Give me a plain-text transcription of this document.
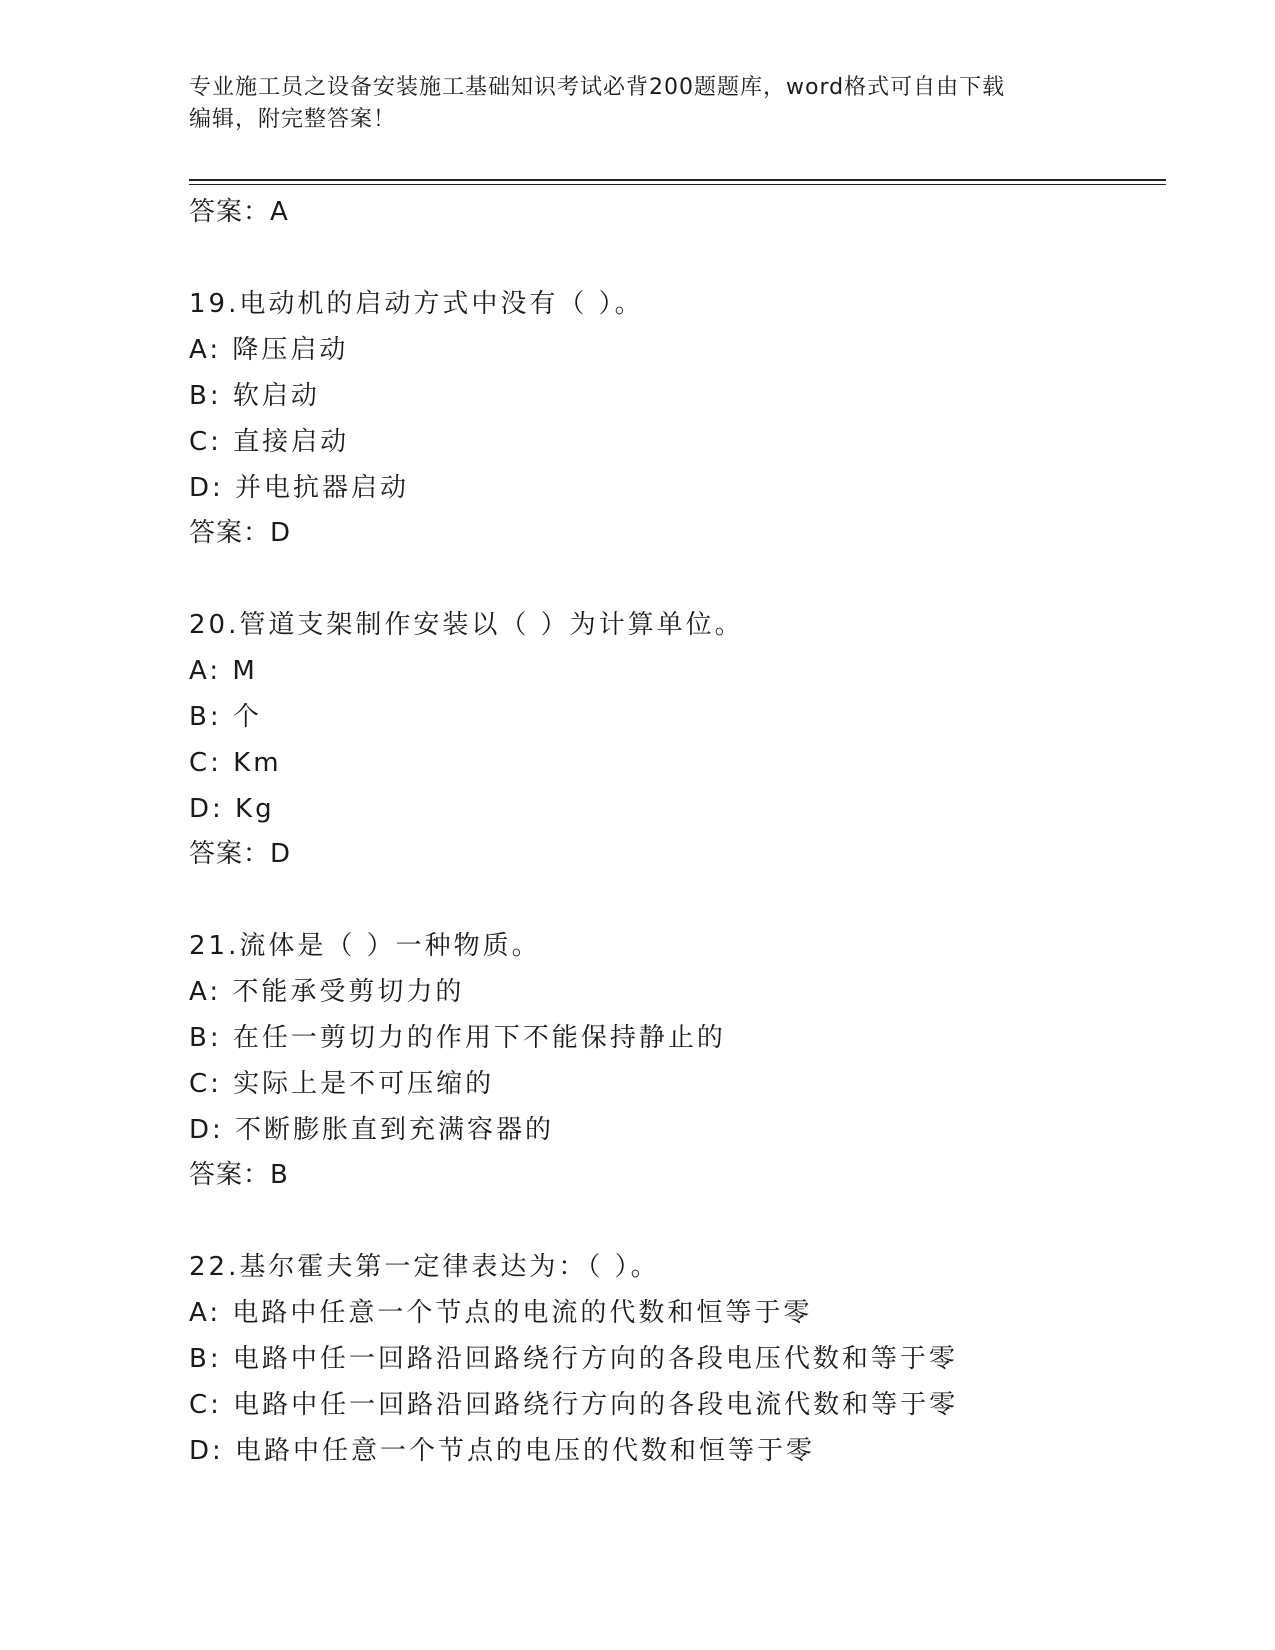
专业施工员之设备安装施工基础知识考试必背200题题库，word格式可自由下载
编辑，附完整答案！
答案：A
19.电动机的启动方式中没有（ ）。
A: 降压启动
B: 软启动
C: 直接启动
D: 并电抗器启动
答案：D
20.管道支架制作安装以（ ）为计算单位。
A: M
B: 个
C: Km
D: Kg
答案：D
21.流体是（ ）一种物质。
A: 不能承受剪切力的
B: 在任一剪切力的作用下不能保持静止的
C: 实际上是不可压缩的
D: 不断膨胀直到充满容器的
答案：B
22.基尔霍夫第一定律表达为：（ ）。
A: 电路中任意一个节点的电流的代数和恒等于零
B: 电路中任一回路沿回路绕行方向的各段电压代数和等于零
C: 电路中任一回路沿回路绕行方向的各段电流代数和等于零
D: 电路中任意一个节点的电压的代数和恒等于零
